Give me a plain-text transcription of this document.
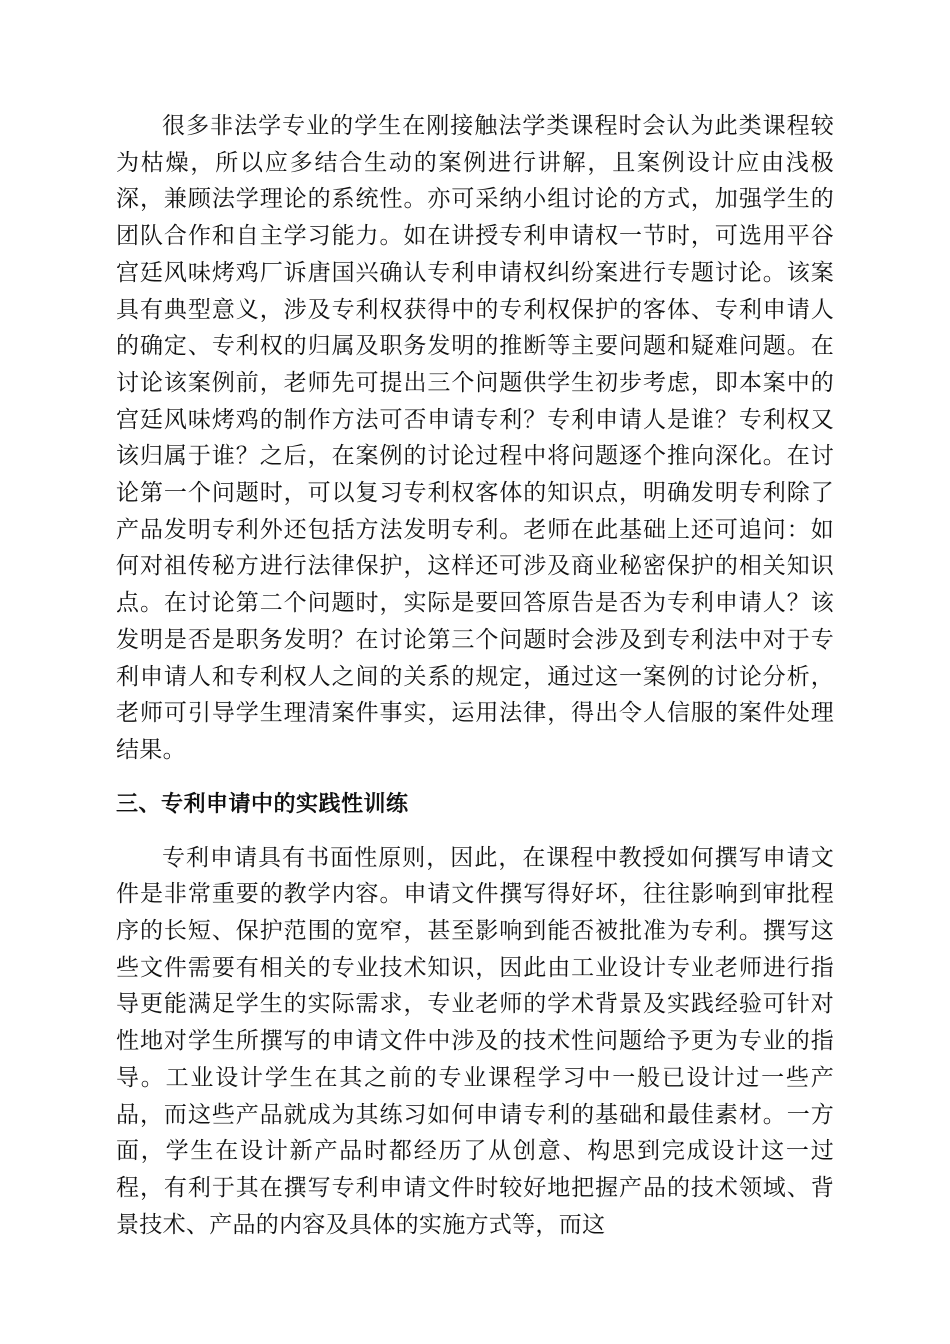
很多非法学专业的学生在刚接触法学类课程时会认为此类课程较为枯燥，所以应多结合生动的案例进行讲解，且案例设计应由浅极深，兼顾法学理论的系统性。亦可采纳小组讨论的方式，加强学生的团队合作和自主学习能力。如在讲授专利申请权一节时，可选用平谷宫廷风味烤鸡厂诉唐国兴确认专利申请权纠纷案进行专题讨论。该案具有典型意义，涉及专利权获得中的专利权保护的客体、专利申请人的确定、专利权的归属及职务发明的推断等主要问题和疑难问题。在讨论该案例前，老师先可提出三个问题供学生初步考虑，即本案中的宫廷风味烤鸡的制作方法可否申请专利？专利申请人是谁？专利权又该归属于谁？之后，在案例的讨论过程中将问题逐个推向深化。在讨论第一个问题时，可以复习专利权客体的知识点，明确发明专利除了产品发明专利外还包括方法发明专利。老师在此基础上还可追问：如何对祖传秘方进行法律保护，这样还可涉及商业秘密保护的相关知识点。在讨论第二个问题时，实际是要回答原告是否为专利申请人？该发明是否是职务发明？在讨论第三个问题时会涉及到专利法中对于专利申请人和专利权人之间的关系的规定，通过这一案例的讨论分析，老师可引导学生理清案件事实，运用法律，得出令人信服的案件处理结果。

三、专利申请中的实践性训练

专利申请具有书面性原则，因此，在课程中教授如何撰写申请文件是非常重要的教学内容。申请文件撰写得好坏，往往影响到审批程序的长短、保护范围的宽窄，甚至影响到能否被批准为专利。撰写这些文件需要有相关的专业技术知识，因此由工业设计专业老师进行指导更能满足学生的实际需求，专业老师的学术背景及实践经验可针对性地对学生所撰写的申请文件中涉及的技术性问题给予更为专业的指导。工业设计学生在其之前的专业课程学习中一般已设计过一些产品，而这些产品就成为其练习如何申请专利的基础和最佳素材。一方面，学生在设计新产品时都经历了从创意、构思到完成设计这一过程，有利于其在撰写专利申请文件时较好地把握产品的技术领域、背景技术、产品的内容及具体的实施方式等，而这
